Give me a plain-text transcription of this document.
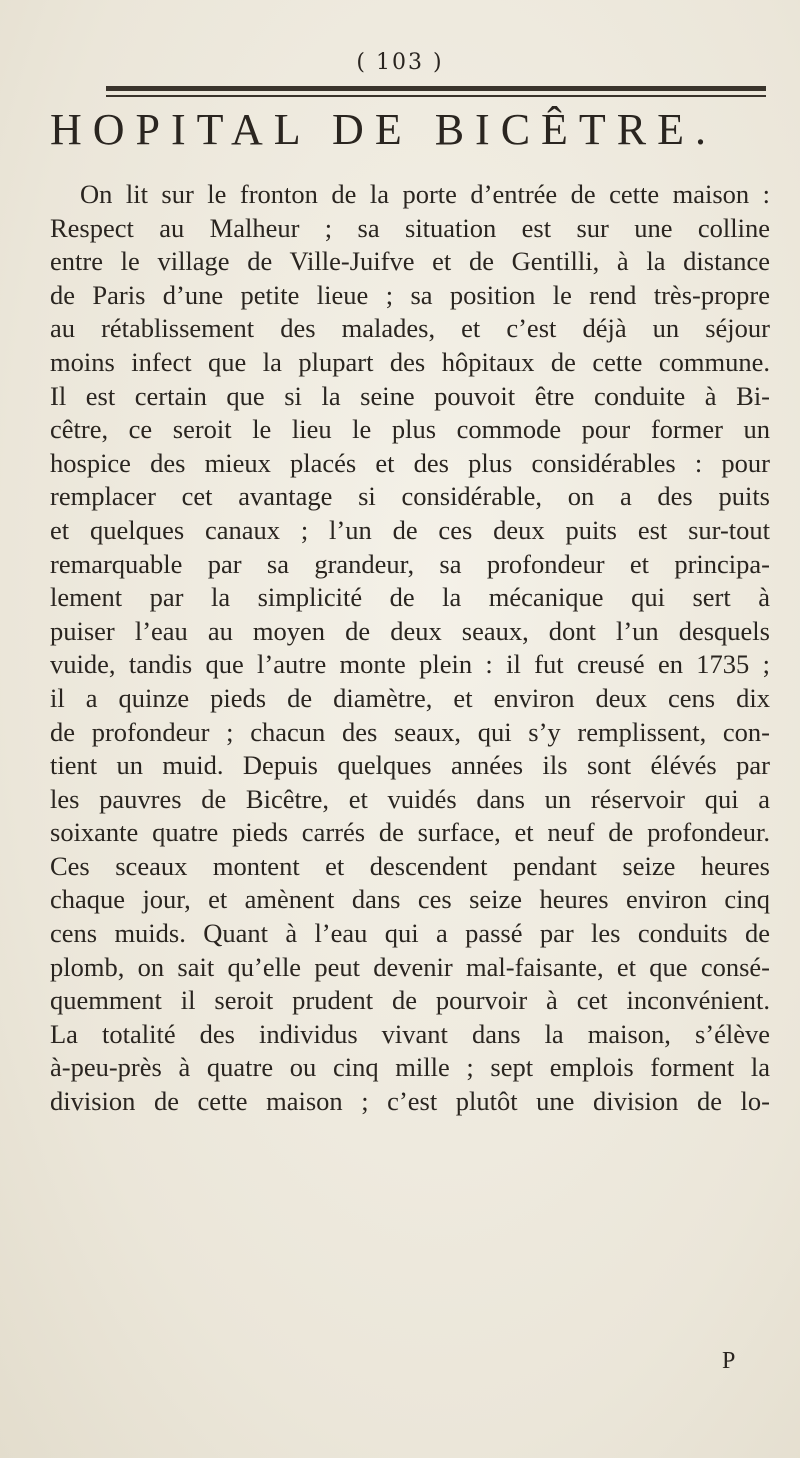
( 103 )
HOPITAL DE BICÊTRE.
On lit sur le fronton de la porte d’entrée de cette maison :
Respect au Malheur ; sa situation est sur une colline
entre le village de Ville-Juifve et de Gentilli, à la distance
de Paris d’une petite lieue ; sa position le rend très-propre
au rétablissement des malades, et c’est déjà un séjour
moins infect que la plupart des hôpitaux de cette commune.
Il est certain que si la seine pouvoit être conduite à Bi-
cêtre, ce seroit le lieu le plus commode pour former un
hospice des mieux placés et des plus considérables : pour
remplacer cet avantage si considérable, on a des puits
et quelques canaux ; l’un de ces deux puits est sur-tout
remarquable par sa grandeur, sa profondeur et principa-
lement par la simplicité de la mécanique qui sert à
puiser l’eau au moyen de deux seaux, dont l’un desquels
vuide, tandis que l’autre monte plein : il fut creusé en 1735 ;
il a quinze pieds de diamètre, et environ deux cens dix
de profondeur ; chacun des seaux, qui s’y remplissent, con-
tient un muid. Depuis quelques années ils sont élévés par
les pauvres de Bicêtre, et vuidés dans un réservoir qui a
soixante quatre pieds carrés de surface, et neuf de profondeur.
Ces sceaux montent et descendent pendant seize heures
chaque jour, et amènent dans ces seize heures environ cinq
cens muids. Quant à l’eau qui a passé par les conduits de
plomb, on sait qu’elle peut devenir mal-faisante, et que consé-
quemment il seroit prudent de pourvoir à cet inconvénient.
La totalité des individus vivant dans la maison, s’élève
à-peu-près à quatre ou cinq mille ; sept emplois forment la
division de cette maison ; c’est plutôt une division de lo-
P
